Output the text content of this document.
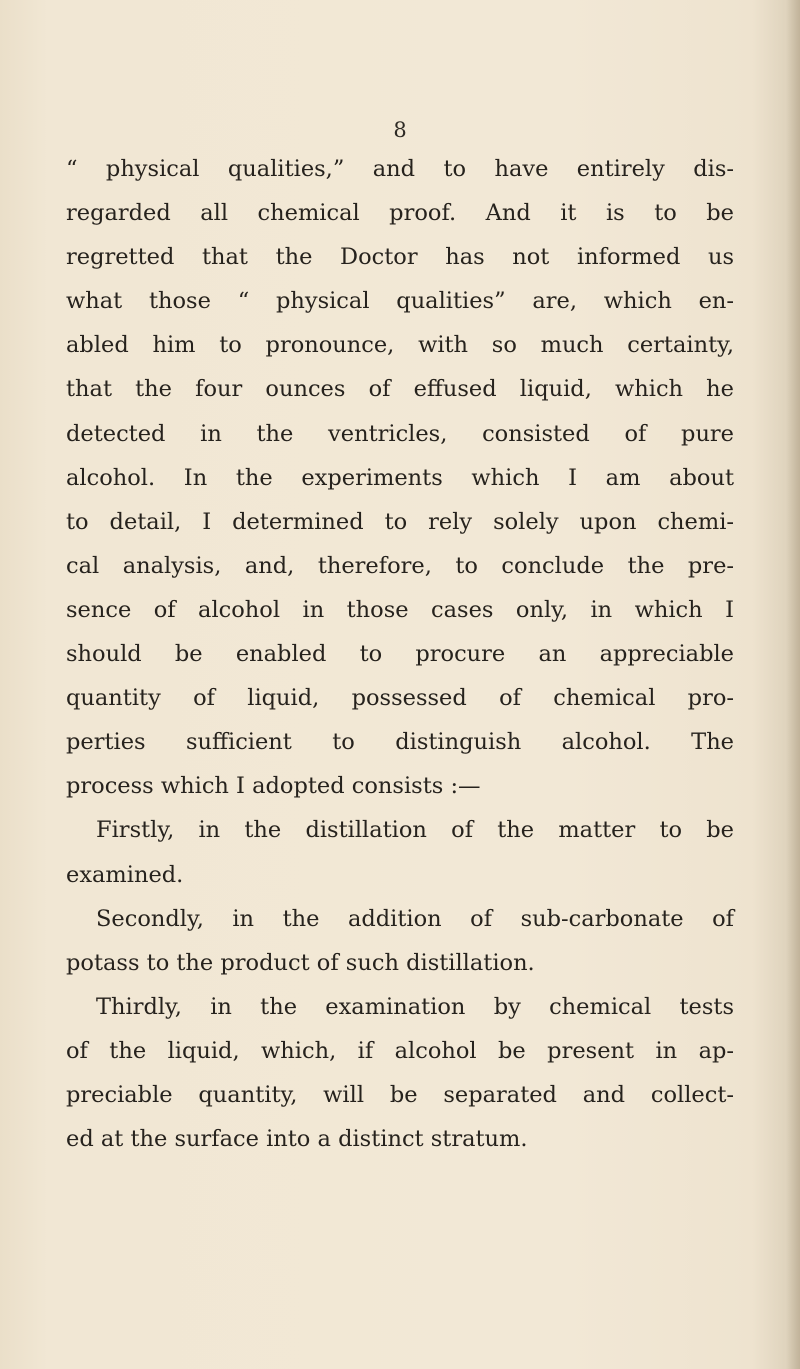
8
“ physical qualities,” and to have entirely dis-
regarded all chemical proof. And it is to be
regretted that the Doctor has not informed us
what those “ physical qualities” are, which en-
abled him to pronounce, with so much certainty,
that the four ounces of effused liquid, which he
detected in the ventricles, consisted of pure
alcohol. In the experiments which I am about
to detail, I determined to rely solely upon chemi-
cal analysis, and, therefore, to conclude the pre-
sence of alcohol in those cases only, in which I
should be enabled to procure an appreciable
quantity of liquid, possessed of chemical pro-
perties sufficient to distinguish alcohol. The
process which I adopted consists :—
Firstly, in the distillation of the matter to be
examined.
Secondly, in the addition of sub-carbonate of
potass to the product of such distillation.
Thirdly, in the examination by chemical tests
of the liquid, which, if alcohol be present in ap-
preciable quantity, will be separated and collect-
ed at the surface into a distinct stratum.
